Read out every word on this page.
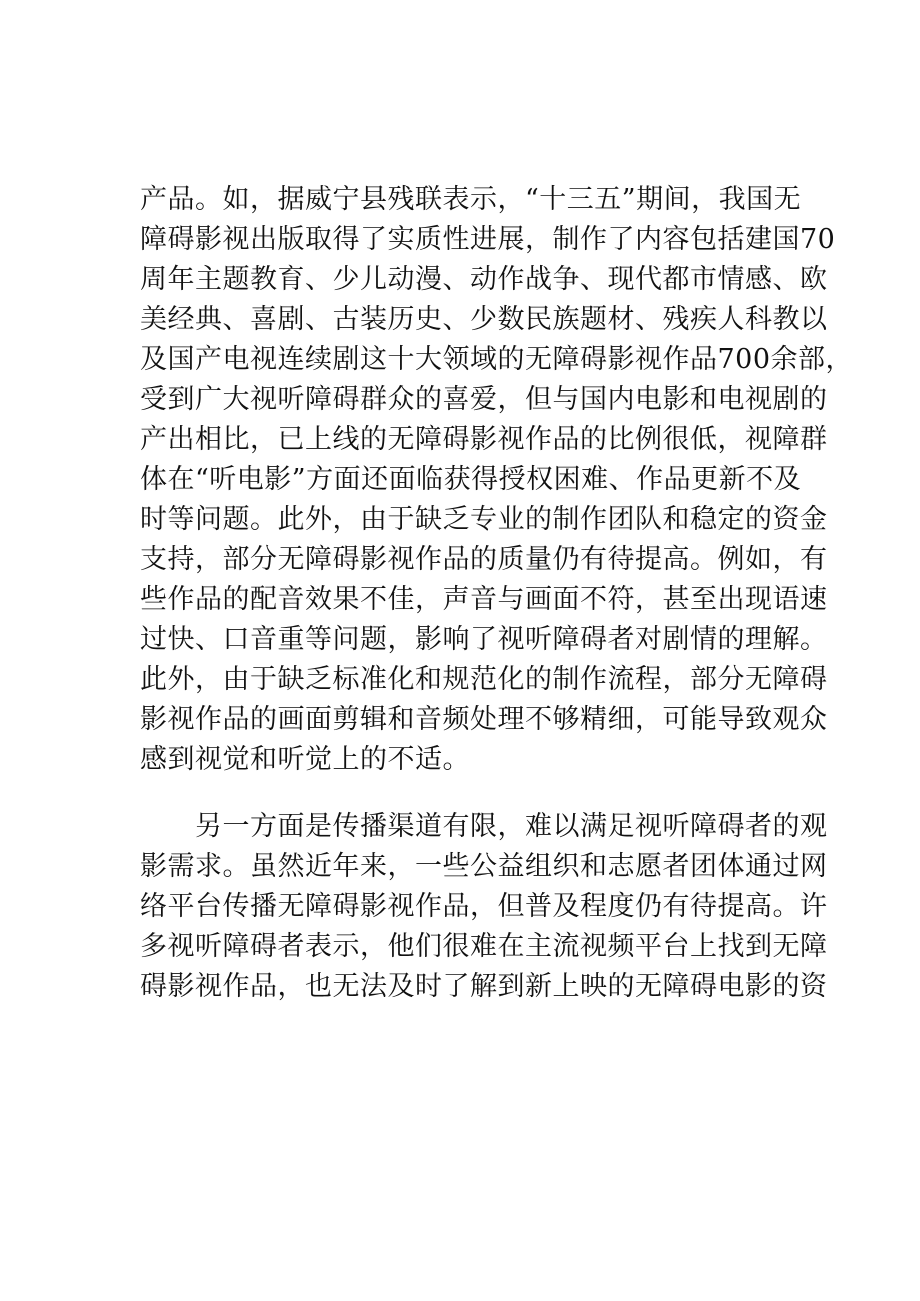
产品。如，据威宁县残联表示，“十三五”期间，我国无
障碍影视出版取得了实质性进展，制作了内容包括建国70
周年主题教育、少儿动漫、动作战争、现代都市情感、欧
美经典、喜剧、古装历史、少数民族题材、残疾人科教以
及国产电视连续剧这十大领域的无障碍影视作品700余部，
受到广大视听障碍群众的喜爱，但与国内电影和电视剧的
产出相比，已上线的无障碍影视作品的比例很低，视障群
体在“听电影”方面还面临获得授权困难、作品更新不及
时等问题。此外，由于缺乏专业的制作团队和稳定的资金
支持，部分无障碍影视作品的质量仍有待提高。例如，有
些作品的配音效果不佳，声音与画面不符，甚至出现语速
过快、口音重等问题，影响了视听障碍者对剧情的理解。
此外，由于缺乏标准化和规范化的制作流程，部分无障碍
影视作品的画面剪辑和音频处理不够精细，可能导致观众
感到视觉和听觉上的不适。
另一方面是传播渠道有限，难以满足视听障碍者的观
影需求。虽然近年来，一些公益组织和志愿者团体通过网
络平台传播无障碍影视作品，但普及程度仍有待提高。许
多视听障碍者表示，他们很难在主流视频平台上找到无障
碍影视作品，也无法及时了解到新上映的无障碍电影的资
